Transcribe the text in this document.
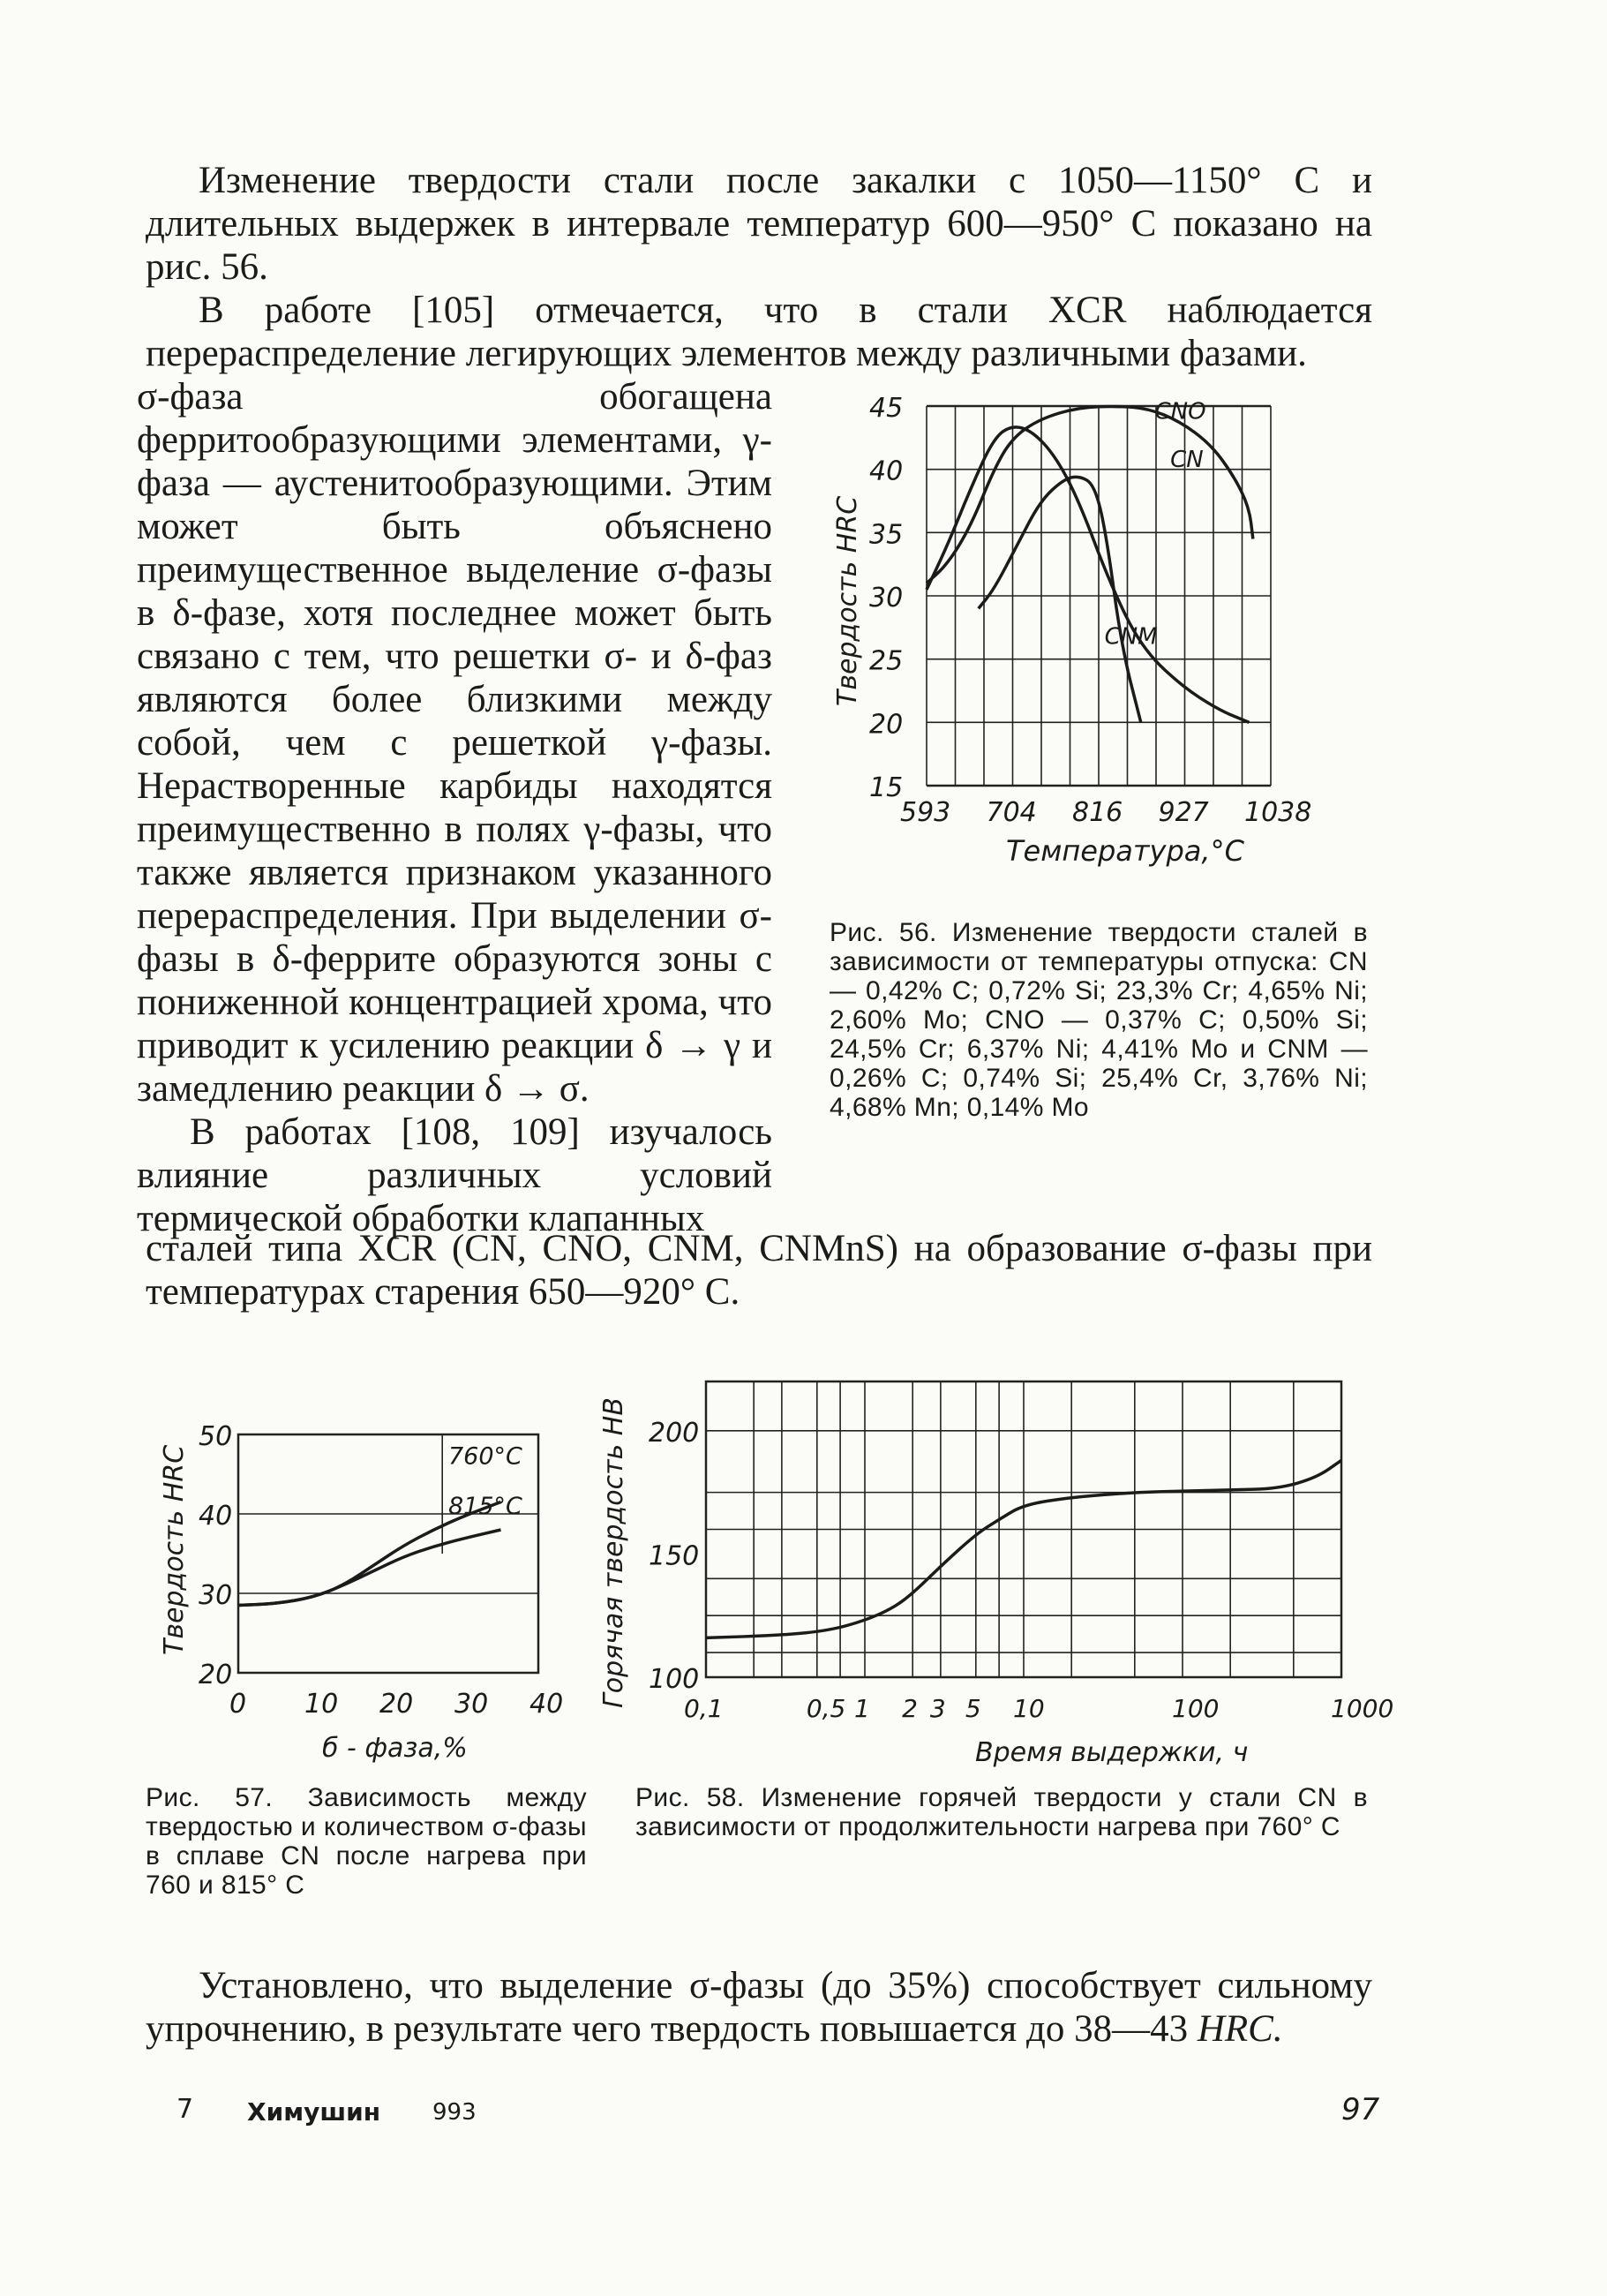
Изменение твердости стали после закалки с 1050—1150° С и длительных выдержек в интервале температур 600—950° С показано на рис. 56.

В работе [105] отмечается, что в стали XCR наблюдается перераспределение легирующих элементов между различными фазами.

σ-фаза обогащена ферритообразующими элементами, γ-фаза — аустенитообразующими. Этим может быть объяснено преимущественное выделение σ-фазы в δ-фазе, хотя последнее может быть связано с тем, что решетки σ- и δ-фаз являются более близкими между собой, чем с решеткой γ-фазы. Нерастворенные карбиды находятся преимущественно в полях γ-фазы, что также является признаком указанного перераспределения. При выделении σ-фазы в δ-феррите образуются зоны с пониженной концентрацией хрома, что приводит к усилению реакции δ → γ и замедлению реакции δ → σ.

В работах [108, 109] изучалось влияние различных условий термической обработки клапанных

сталей типа XCR (CN, CNO, CNM, CNMnS) на образование σ-фазы при температурах старения 650—920° С.

45
40
35
30
25
20
15
593 704 816 927 1038
Температура,°C
Твердость HRC
CNO
CN
CNM

Рис. 56. Изменение твердости сталей в зависимости от температуры отпуска: CN — 0,42% С; 0,72% Si; 23,3% Cr; 4,65% Ni; 2,60% Mo; CNO — 0,37% С; 0,50% Si; 24,5% Cr; 6,37% Ni; 4,41% Mo и CNM — 0,26% С; 0,74% Si; 25,4% Cr, 3,76% Ni; 4,68% Mn; 0,14% Mo

50
40
30
20
0 10 20 30 40
б - фаза,%
Твердость HRC	760°C
815°C

Рис. 57. Зависимость между твердостью и количеством σ-фазы в сплаве CN после нагрева при 760 и 815° С

200
150
100
0,1	0,5 1 2 3 5 10	100	1000
Время выдержки, ч
Горячая твердость HB

Рис. 58. Изменение горячей твердости у стали CN в зависимости от продолжительности нагрева при 760° С

Установлено, что выделение σ-фазы (до 35%) способствует сильному упрочнению, в результате чего твердость повышается до 38—43 HRC.

7 Химушин 993	97
